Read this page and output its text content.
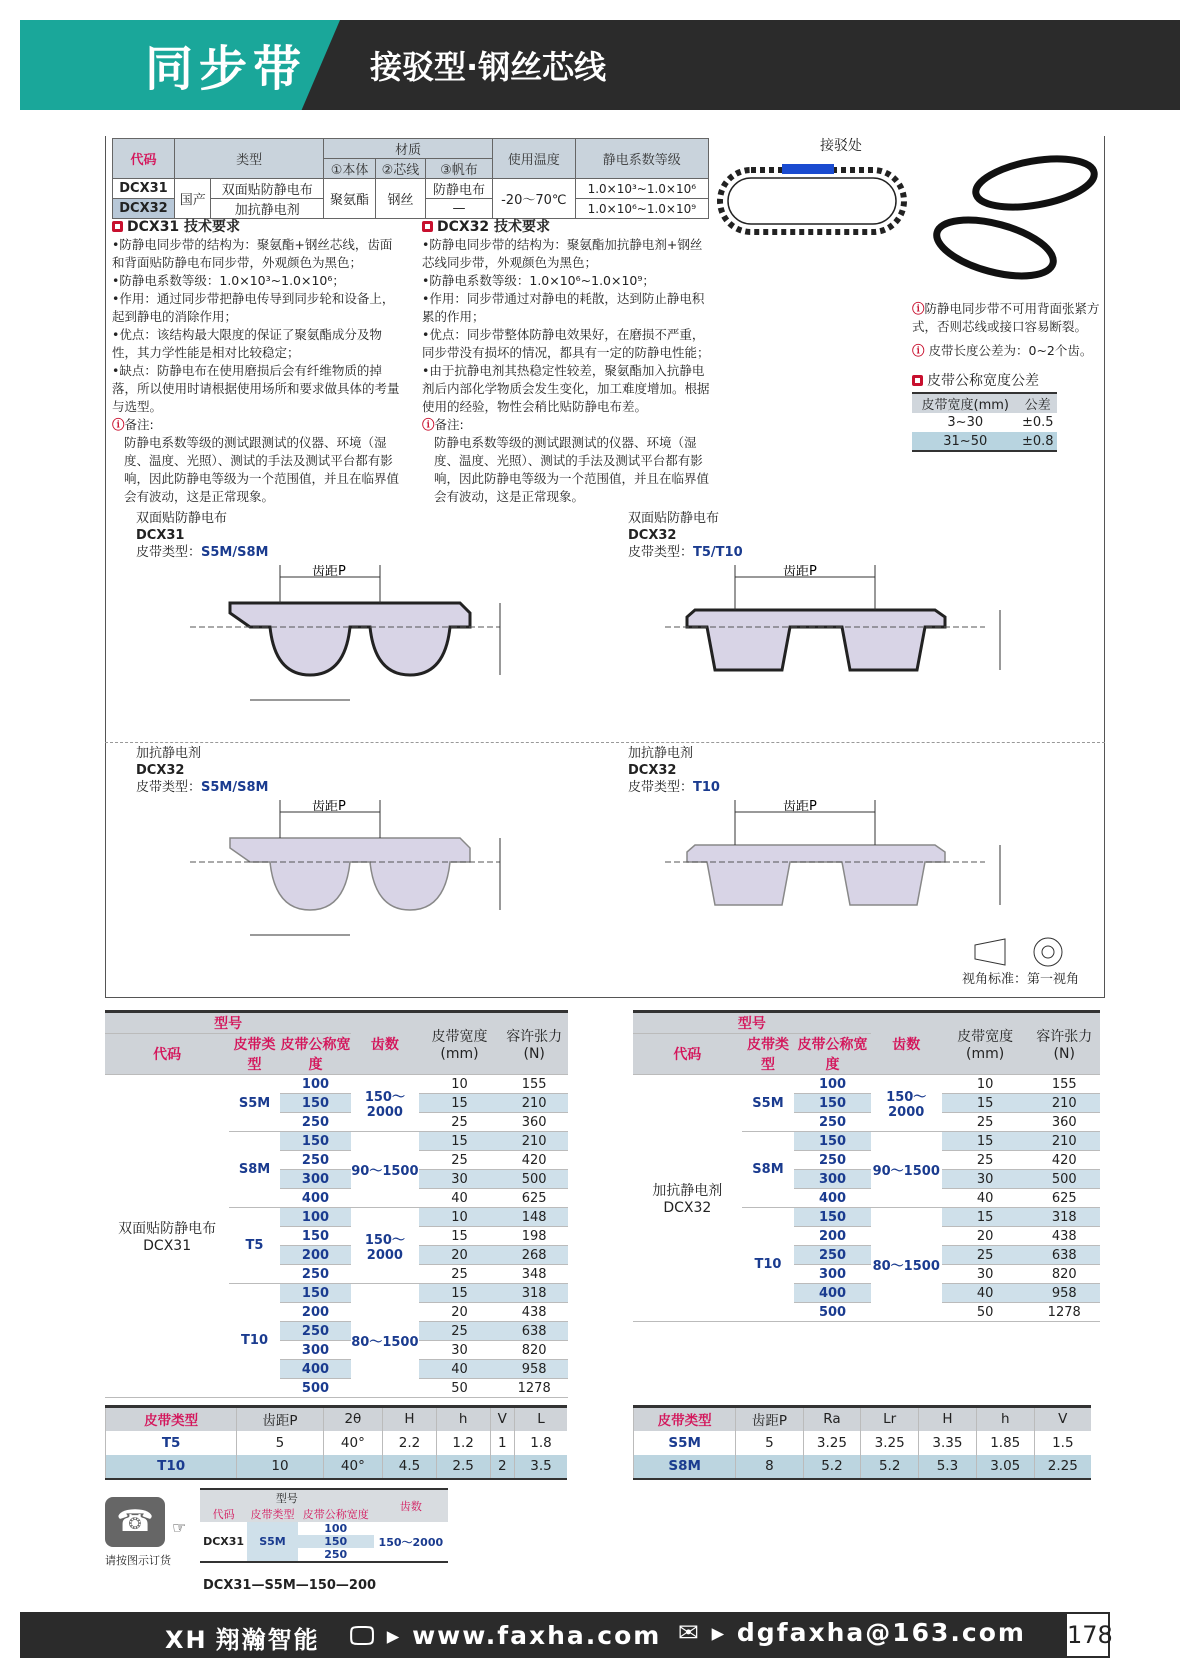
同步带 接驳型·钢丝芯线
代码	类型		材质			使用温度	静电系数等级
			①本体	②芯线	③帆布		
DCX31	国产	双面贴防静电布	聚氨酯	钢丝	防静电布	-20～70℃	1.0×10³~1.0×10⁶
DCX32		加抗静电剂			—		1.0×10⁶~1.0×10⁹
接驳处
DCX31 技术要求

• 防静电同步带的结构为：聚氨酯+钢丝芯线，齿面和背面贴防静电布同步带，外观颜色为黑色；

• 防静电系数等级：1.0×10³~1.0×10⁶；

• 作用：通过同步带把静电传导到同步轮和设备上，起到静电的消除作用；

• 优点：该结构最大限度的保证了聚氨酯成分及物性，其力学性能是相对比较稳定；

• 缺点：防静电布在使用磨损后会有纤维物质的掉落，所以使用时请根据使用场所和要求做具体的考量与选型。

ⓘ备注:

防静电系数等级的测试跟测试的仪器、环境（湿度、温度、光照）、测试的手法及测试平台都有影响，因此防静电等级为一个范围值，并且在临界值会有波动，这是正常现象。

DCX32 技术要求

• 防静电同步带的结构为：聚氨酯加抗静电剂+钢丝芯线同步带，外观颜色为黑色；

• 防静电系数等级：1.0×10⁶~1.0×10⁹；

• 作用：同步带通过对静电的耗散，达到防止静电积累的作用；

• 优点：同步带整体防静电效果好，在磨损不严重，同步带没有损坏的情况，都具有一定的防静电性能；

• 由于抗静电剂其热稳定性较差，聚氨酯加入抗静电剂后内部化学物质会发生变化，加工难度增加。根据使用的经验，物性会稍比贴防静电布差。

ⓘ备注:

防静电系数等级的测试跟测试的仪器、环境（湿度、温度、光照）、测试的手法及测试平台都有影响，因此防静电等级为一个范围值，并且在临界值会有波动，这是正常现象。

ⓘ防静电同步带不可用背面张紧方式，否则芯线或接口容易断裂。
ⓘ 皮带长度公差为：0~2个齿。
皮带公称宽度公差
皮带宽度(mm)	公差
3~30	±0.5
31~50	±0.8
双面贴防静电布
DCX31
皮带类型：S5M/S8M
双面贴防静电布
DCX32
皮带类型：T5/T10
加抗静电剂
DCX32
皮带类型：S5M/S8M
加抗静电剂
DCX32
皮带类型：T10
齿距P	齿距P
齿距P	齿距P
视角标准：第一视角
型号			齿数	皮带宽度(mm)	容许张力(N)
代码	皮带类型	皮带公称宽度			
双面贴防静电布DCX31	S5M	100	150～2000	10	155
		150		15	210
		250		25	360
	S8M	150	90～1500	15	210
		250		25	420
		300		30	500
		400		40	625
	T5	100	150～2000	10	148
		150		15	198
		200		20	268
		250		25	348
	T10	150	80～1500	15	318
		200		20	438
		250		25	638
		300		30	820
		400		40	958
		500		50	1278
型号			齿数	皮带宽度(mm)	容许张力(N)
代码	皮带类型	皮带公称宽度			
加抗静电剂DCX32	S5M	100	150～2000	10	155
		150		15	210
		250		25	360
	S8M	150	90～1500	15	210
		250		25	420
		300		30	500
		400		40	625
	T10	150	80～1500	15	318
		200		20	438
		250		25	638
		300		30	820
		400		40	958
		500		50	1278
皮带类型	齿距P	2θ	H	h	V	L
T5	5	40°	2.2	1.2	1	1.8
T10	10	40°	4.5	2.5	2	3.5
皮带类型	齿距P	Ra	Lr	H	h	V
S5M	5	3.25	3.25	3.35	1.85	1.5
S8M	8	5.2	5.2	5.3	3.05	2.25
☎
请按图示订货
☞
型号			齿数
代码	皮带类型	皮带公称宽度	
DCX31	S5M	100	150～2000
		150	
		250	
DCX31—S5M—150—200
XH 翔瀚智能 🖵 ▸ www.faxha.com ✉ ▸ dgfaxha@163.com 178
